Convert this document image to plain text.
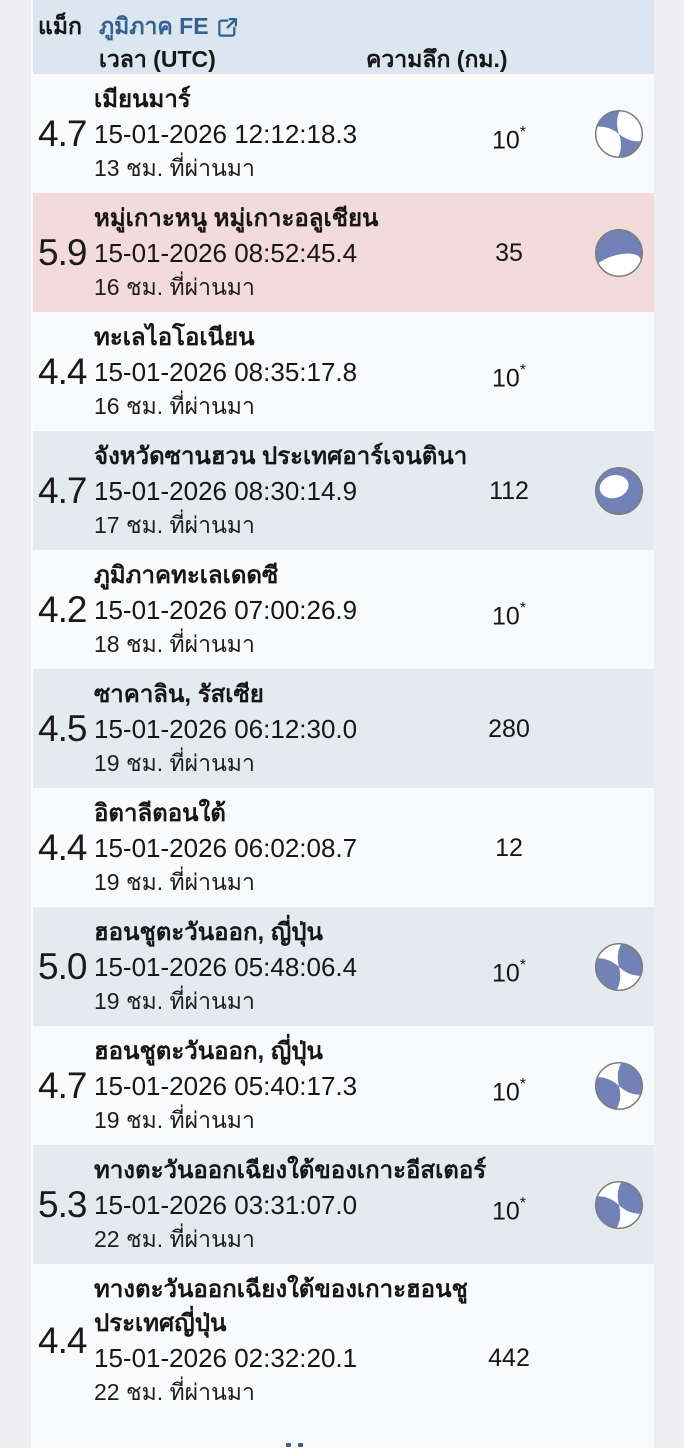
แม็ก ภูมิภาค FE
เวลา (UTC)	ความลึก (กม.)
4.7
เมียนมาร์
15-01-2026 12:12:18.3	10*
13 ชม. ที่ผ่านมา
5.9
หมู่เกาะหนู หมู่เกาะอลูเชียน
15-01-2026 08:52:45.4	35
16 ชม. ที่ผ่านมา
4.4
ทะเลไอโอเนียน
15-01-2026 08:35:17.8	10*
16 ชม. ที่ผ่านมา
4.7
จังหวัดซานฮวน ประเทศอาร์เจนตินา
15-01-2026 08:30:14.9	112
17 ชม. ที่ผ่านมา
4.2
ภูมิภาคทะเลเดดซี
15-01-2026 07:00:26.9	10*
18 ชม. ที่ผ่านมา
4.5
ซาคาลิน, รัสเซีย
15-01-2026 06:12:30.0	280
19 ชม. ที่ผ่านมา
4.4
อิตาลีตอนใต้
15-01-2026 06:02:08.7	12
19 ชม. ที่ผ่านมา
5.0
ฮอนชูตะวันออก, ญี่ปุ่น
15-01-2026 05:48:06.4	10*
19 ชม. ที่ผ่านมา
4.7
ฮอนชูตะวันออก, ญี่ปุ่น
15-01-2026 05:40:17.3	10*
19 ชม. ที่ผ่านมา
5.3
ทางตะวันออกเฉียงใต้ของเกาะอีส​เตอร์
15-01-2026 03:31:07.0	10*
22 ชม. ที่ผ่านมา
4.4
ทางตะวันออกเฉียงใต้ของเกาะฮอนชู ประเทศญี่ปุ่น
15-01-2026 02:32:20.1	442
22 ชม. ที่ผ่านมา
